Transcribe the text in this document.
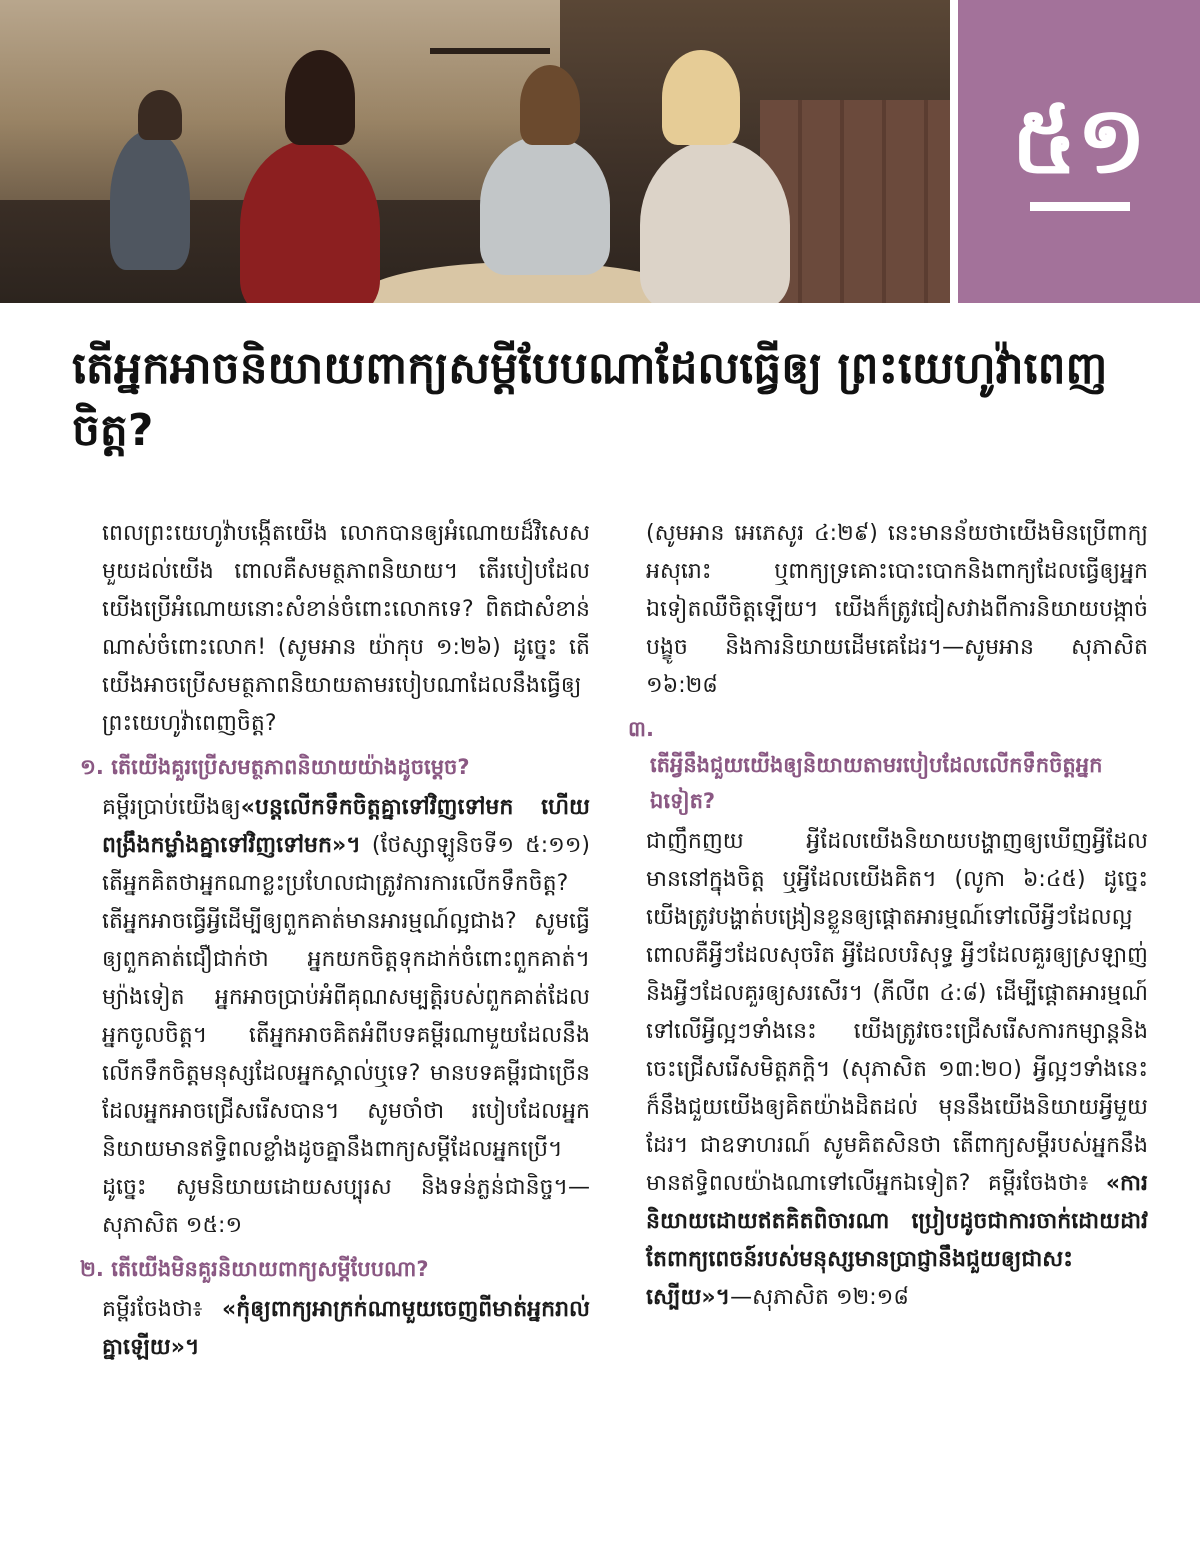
៥១
តើអ្នកអាចនិយាយពាក្យសម្ដីបែបណាដែលធ្វើឲ្យ ព្រះយេហូវ៉ាពេញចិត្ត?

ពេលព្រះយេហូវ៉ាបង្កើតយើង លោកបានឲ្យអំណោយដ៏វិសេសមួយដល់យើង ពោលគឺសមត្ថភាពនិយាយ។ តើរបៀបដែលយើងប្រើអំណោយនោះសំខាន់ចំពោះលោកទេ? ពិតជាសំខាន់ណាស់ចំពោះលោក! (សូមអាន យ៉ាកុប ១:២៦) ដូច្នេះ តើយើងអាចប្រើសមត្ថភាពនិយាយតាមរបៀបណាដែលនឹងធ្វើឲ្យព្រះយេហូវ៉ាពេញចិត្ត?

១. តើយើងគួរប្រើសមត្ថភាពនិយាយយ៉ាងដូចម្ដេច?

គម្ពីរប្រាប់យើងឲ្យ«បន្តលើកទឹកចិត្តគ្នាទៅវិញទៅមក ហើយពង្រឹងកម្លាំងគ្នាទៅវិញទៅមក»។ (ថែស្សាឡូនិចទី១ ៥:១១) តើអ្នកគិតថាអ្នកណាខ្លះប្រហែលជាត្រូវការការលើកទឹកចិត្ត? តើអ្នកអាចធ្វើអ្វីដើម្បីឲ្យពួកគាត់មានអារម្មណ៍ល្អជាង? សូមធ្វើឲ្យពួកគាត់ជឿជាក់ថា អ្នកយកចិត្តទុកដាក់ចំពោះពួកគាត់។ម្យ៉ាងទៀត អ្នកអាចប្រាប់អំពីគុណសម្បត្តិរបស់ពួកគាត់ដែលអ្នកចូលចិត្ត។ តើអ្នកអាចគិតអំពីបទគម្ពីរណាមួយដែលនឹងលើកទឹកចិត្តមនុស្សដែលអ្នកស្គាល់ឬទេ? មានបទគម្ពីរជាច្រើនដែលអ្នកអាចជ្រើសរើសបាន។ សូមចាំថា របៀបដែលអ្នកនិយាយមានឥទ្ធិពលខ្លាំងដូចគ្នានឹងពាក្យសម្ដីដែលអ្នកប្រើ។ ដូច្នេះ សូមនិយាយដោយសប្បុរស និងទន់ភ្លន់ជានិច្ច។—សុភាសិត ១៥:១

២. តើយើងមិនគួរនិយាយពាក្យសម្ដីបែបណា?

គម្ពីរចែងថា៖ «កុំឲ្យពាក្យអាក្រក់ណាមួយចេញពីមាត់អ្នករាល់គ្នាឡើយ»។

(សូមអាន អេភេសូរ ៤:២៩) នេះមានន័យថាយើងមិនប្រើពាក្យអសុរោះ ឬពាក្យទ្រគោះបោះបោកនិងពាក្យដែលធ្វើឲ្យអ្នកឯទៀតឈឺចិត្តឡើយ។ យើងក៏ត្រូវជៀសវាងពីការនិយាយបង្កាច់បង្ខូច និងការនិយាយដើមគេដែរ។—សូមអាន សុភាសិត ១៦:២៨

៣.
តើអ្វីនឹងជួយយើងឲ្យនិយាយតាមរបៀបដែលលើកទឹកចិត្តអ្នកឯទៀត?

ជាញឹកញយ អ្វីដែលយើងនិយាយបង្ហាញឲ្យឃើញអ្វីដែលមាននៅក្នុងចិត្ត ឬអ្វីដែលយើងគិត។ (លូកា ៦:៤៥) ដូច្នេះ យើងត្រូវបង្ហាត់បង្រៀនខ្លួនឲ្យផ្ដោតអារម្មណ៍ទៅលើអ្វីៗដែលល្អ ពោលគឺអ្វីៗដែលសុចរិត អ្វីដែលបរិសុទ្ធ អ្វីៗដែលគួរឲ្យស្រឡាញ់ និងអ្វីៗដែលគួរឲ្យសរសើរ។ (ភីលីព ៤:៨) ដើម្បីផ្ដោតអារម្មណ៍ទៅលើអ្វីល្អៗទាំងនេះ យើងត្រូវចេះជ្រើសរើសការកម្សាន្តនិងចេះជ្រើសរើសមិត្តភក្ដិ។ (សុភាសិត ១៣:២០) អ្វីល្អៗទាំងនេះក៏នឹងជួយយើងឲ្យគិតយ៉ាងដិតដល់ មុននឹងយើងនិយាយអ្វីមួយដែរ។ ជាឧទាហរណ៍ សូមគិតសិនថា តើពាក្យសម្ដីរបស់អ្នកនឹងមានឥទ្ធិពលយ៉ាងណាទៅលើអ្នកឯទៀត? គម្ពីរចែងថា៖ «ការនិយាយដោយឥតគិតពិចារណា ប្រៀបដូចជាការចាក់ដោយដាវ តែពាក្យពេចន៍របស់មនុស្សមានប្រាជ្ញានឹងជួយឲ្យជាសះស្បើយ»។—សុភាសិត ១២:១៨
